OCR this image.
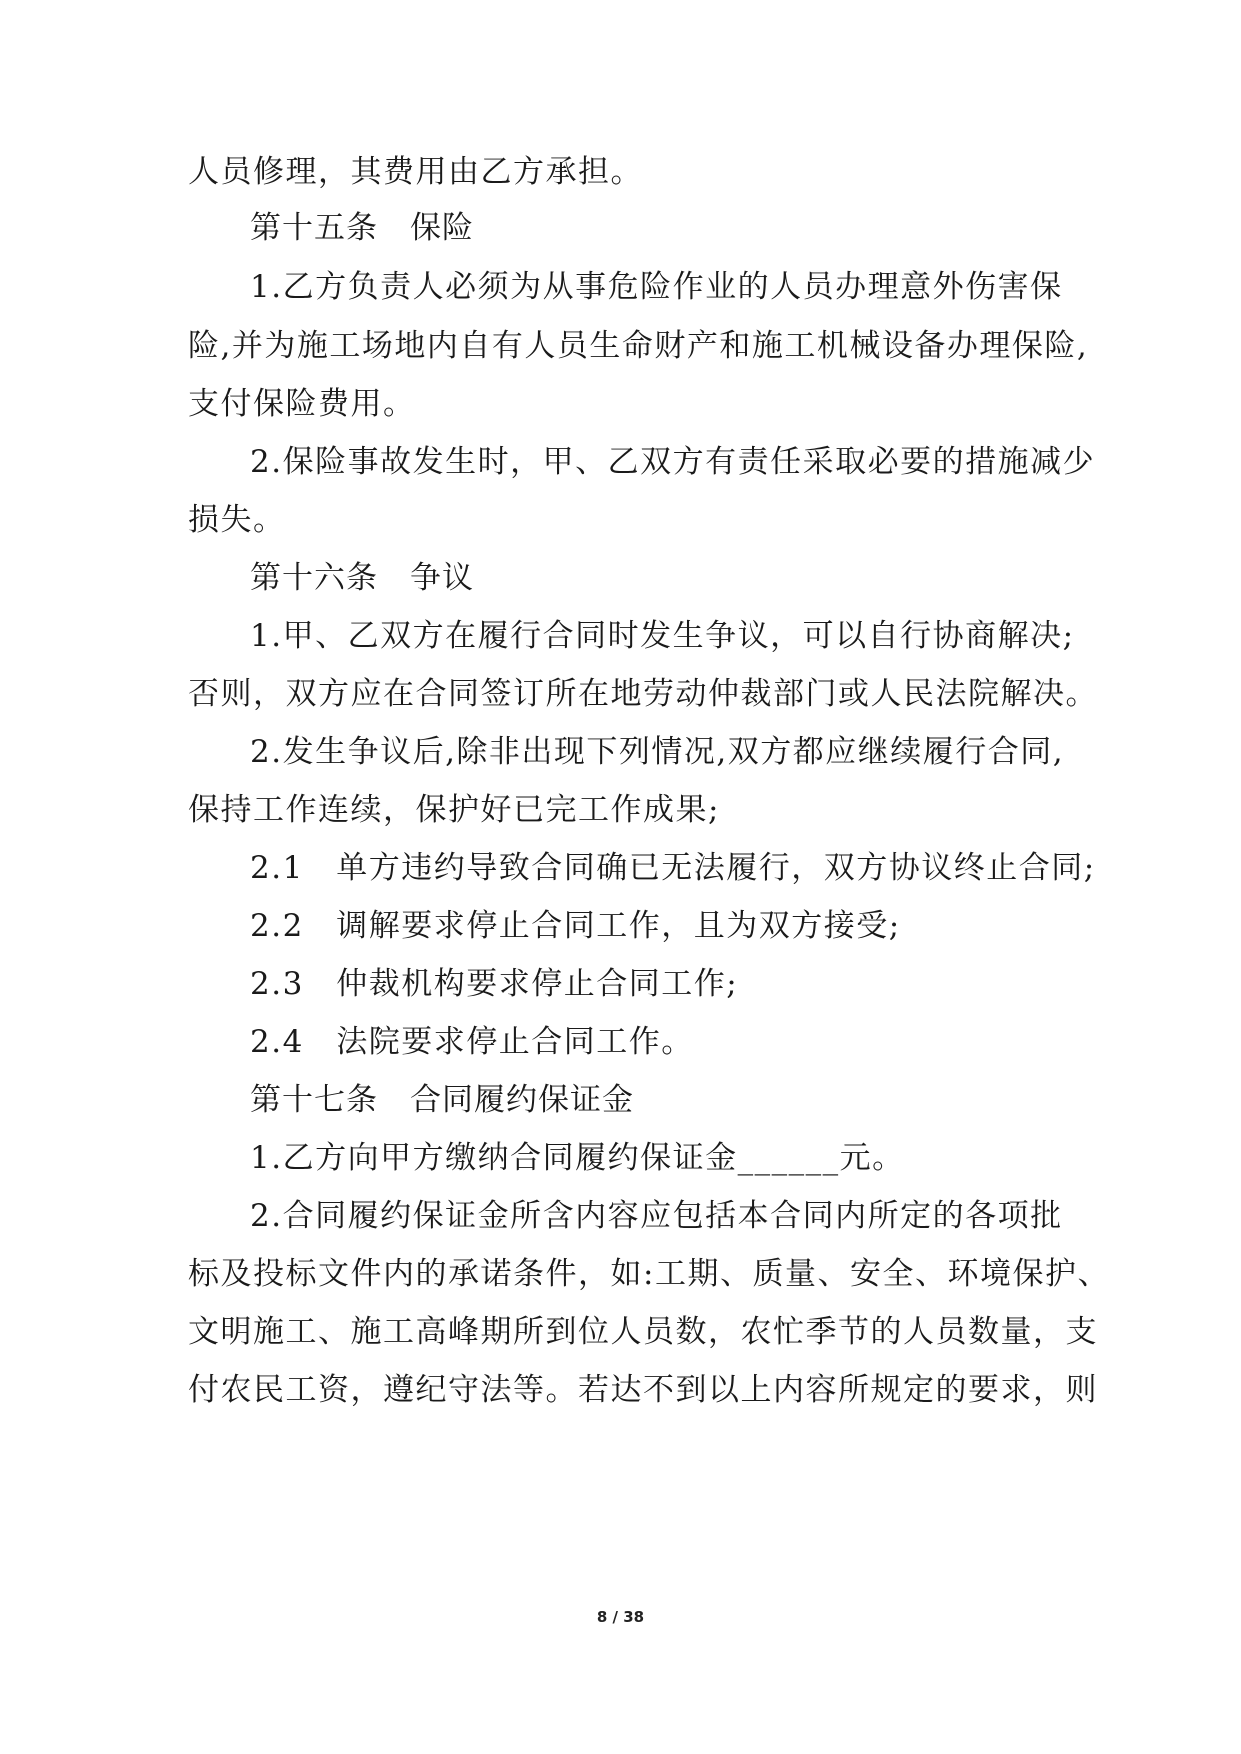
人员修理，其费用由乙方承担。
第十五条　保险
1.乙方负责人必须为从事危险作业的人员办理意外伤害保
险,并为施工场地内自有人员生命财产和施工机械设备办理保险,
支付保险费用。
2.保险事故发生时，甲、乙双方有责任采取必要的措施减少
损失。
第十六条　争议
1.甲、乙双方在履行合同时发生争议，可以自行协商解决;
否则，双方应在合同签订所在地劳动仲裁部门或人民法院解决。
2.发生争议后,除非出现下列情况,双方都应继续履行合同,
保持工作连续，保护好已完工作成果;
2.1　单方违约导致合同确已无法履行，双方协议终止合同;
2.2　调解要求停止合同工作，且为双方接受;
2.3　仲裁机构要求停止合同工作;
2.4　法院要求停止合同工作。
第十七条　合同履约保证金
1.乙方向甲方缴纳合同履约保证金______元。
2.合同履约保证金所含内容应包括本合同内所定的各项批
标及投标文件内的承诺条件，如:工期、质量、安全、环境保护、
文明施工、施工高峰期所到位人员数，农忙季节的人员数量，支
付农民工资，遵纪守法等。若达不到以上内容所规定的要求，则
8 / 38
